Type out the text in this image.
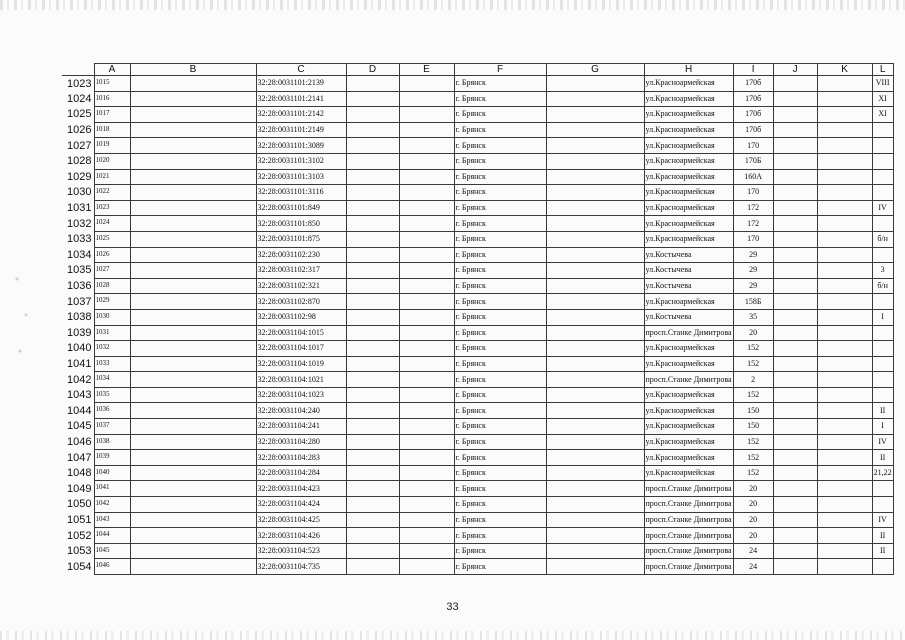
	A	B	C	D	E	F	G	H	I	J	K	L
1023	1015		32:28:0031101:2139			г. Брянск		ул.Красноармейская	170б			VIII
1024	1016		32:28:0031101:2141			г. Брянск		ул.Красноармейская	170б			XI
1025	1017		32:28:0031101:2142			г. Брянск		ул.Красноармейская	170б			XI
1026	1018		32:28:0031101:2149			г. Брянск		ул.Красноармейская	170б			
1027	1019		32:28:0031101:3089			г. Брянск		ул.Красноармейская	170			
1028	1020		32:28:0031101:3102			г. Брянск		ул.Красноармейская	170Б			
1029	1021		32:28:0031101:3103			г. Брянск		ул.Красноармейская	160А			
1030	1022		32:28:0031101:3116			г. Брянск		ул.Красноармейская	170			
1031	1023		32:28:0031101:849			г. Брянск		ул.Красноармейская	172			IV
1032	1024		32:28:0031101:850			г. Брянск		ул.Красноармейская	172			
1033	1025		32:28:0031101:875			г. Брянск		ул.Красноармейская	170			б/н
1034	1026		32:28:0031102:230			г. Брянск		ул.Костычева	29			
1035	1027		32:28:0031102:317			г. Брянск		ул.Костычева	29			3
1036	1028		32:28:0031102:321			г. Брянск		ул.Костычева	29			б/н
1037	1029		32:28:0031102:870			г. Брянск		ул.Красноармейская	158Б			
1038	1030		32:28:0031102:98			г. Брянск		ул.Костычева	35			I
1039	1031		32:28:0031104:1015			г. Брянск		просп.Станке Димитрова	20			
1040	1032		32:28:0031104:1017			г. Брянск		ул.Красноармейская	152			
1041	1033		32:28:0031104:1019			г. Брянск		ул.Красноармейская	152			
1042	1034		32:28:0031104:1021			г. Брянск		просп.Станке Димитрова	2			
1043	1035		32:28:0031104:1023			г. Брянск		ул.Красноармейская	152			
1044	1036		32:28:0031104:240			г. Брянск		ул.Красноармейская	150			II
1045	1037		32:28:0031104:241			г. Брянск		ул.Красноармейская	150			I
1046	1038		32:28:0031104:280			г. Брянск		ул.Красноармейская	152			IV
1047	1039		32:28:0031104:283			г. Брянск		ул.Красноармейская	152			II
1048	1040		32:28:0031104:284			г. Брянск		ул.Красноармейская	152			21,22
1049	1041		32:28:0031104:423			г. Брянск		просп.Станке Димитрова	20			
1050	1042		32:28:0031104:424			г. Брянск		просп.Станке Димитрова	20			
1051	1043		32:28:0031104:425			г. Брянск		просп.Станке Димитрова	20			IV
1052	1044		32:28:0031104:426			г. Брянск		просп.Станке Димитрова	20			II
1053	1045		32:28:0031104:523			г. Брянск		просп.Станке Димитрова	24			II
1054	1046		32:28:0031104:735			г. Брянск		просп.Станке Димитрова	24			
33
